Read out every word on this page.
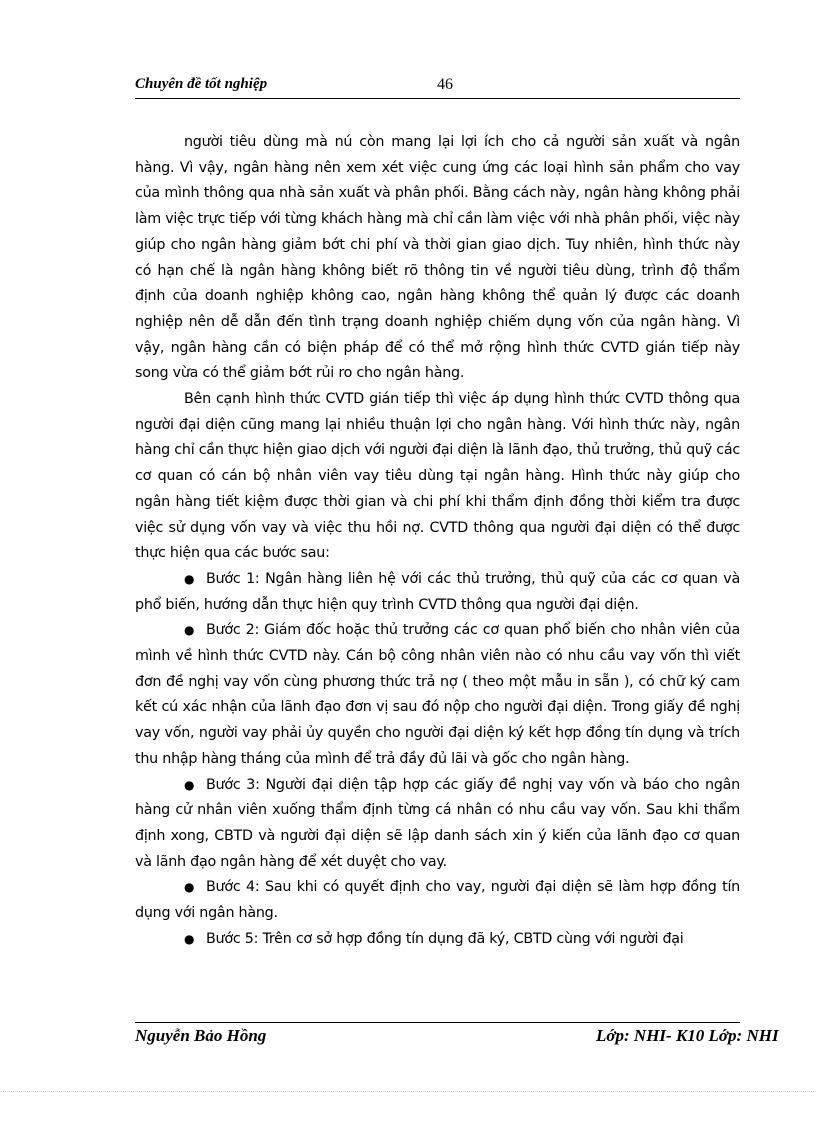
Chuyên đề tốt nghiệp	46

người tiêu dùng mà nú còn mang lại lợi ích cho cả người sản xuất và ngân hàng. Vì vậy, ngân hàng nên xem xét việc cung ứng các loại hình sản phẩm cho vay của mình thông qua nhà sản xuất và phân phối. Bằng cách này, ngân hàng không phải làm việc trực tiếp với từng khách hàng mà chỉ cần làm việc với nhà phân phối, việc này giúp cho ngân hàng giảm bớt chi phí và thời gian giao dịch. Tuy nhiên, hình thức này có hạn chế là ngân hàng không biết rõ thông tin về người tiêu dùng, trình độ thẩm định của doanh nghiệp không cao, ngân hàng không thể quản lý được các doanh nghiệp nên dễ dẫn đến tình trạng doanh nghiệp chiếm dụng vốn của ngân hàng. Vì vậy, ngân hàng cần có biện pháp để có thể mở rộng hình thức CVTD gián tiếp này song vừa có thể giảm bớt rủi ro cho ngân hàng.

Bên cạnh hình thức CVTD gián tiếp thì việc áp dụng hình thức CVTD thông qua người đại diện cũng mang lại nhiều thuận lợi cho ngân hàng. Với hình thức này, ngân hàng chỉ cần thực hiện giao dịch với người đại diện là lãnh đạo, thủ trưởng, thủ quỹ các cơ quan có cán bộ nhân viên vay tiêu dùng tại ngân hàng. Hình thức này giúp cho ngân hàng tiết kiệm được thời gian và chi phí khi thẩm định đồng thời kiểm tra được việc sử dụng vốn vay và việc thu hồi nợ. CVTD thông qua người đại diện có thể được thực hiện qua các bước sau:

● Bước 1: Ngân hàng liên hệ với các thủ trưởng, thủ quỹ của các cơ quan và phổ biến, hướng dẫn thực hiện quy trình CVTD thông qua người đại diện.

● Bước 2: Giám đốc hoặc thủ trưởng các cơ quan phổ biến cho nhân viên của mình về hình thức CVTD này. Cán bộ công nhân viên nào có nhu cầu vay vốn thì viết đơn đề nghị vay vốn cùng phương thức trả nợ ( theo một mẫu in sẵn ), có chữ ký cam kết cú xác nhận của lãnh đạo đơn vị sau đó nộp cho người đại diện. Trong giấy đề nghị vay vốn, người vay phải ủy quyền cho người đại diện ký kết hợp đồng tín dụng và trích thu nhập hàng tháng của mình để trả đầy đủ lãi và gốc cho ngân hàng.

● Bước 3: Người đại diện tập hợp các giấy đề nghị vay vốn và báo cho ngân hàng cử nhân viên xuống thẩm định từng cá nhân có nhu cầu vay vốn. Sau khi thẩm định xong, CBTD và người đại diện sẽ lập danh sách xin ý kiến của lãnh đạo cơ quan và lãnh đạo ngân hàng để xét duyệt cho vay.

● Bước 4: Sau khi có quyết định cho vay, người đại diện sẽ làm hợp đồng tín dụng với ngân hàng.

● Bước 5: Trên cơ sở hợp đồng tín dụng đã ký, CBTD cùng với người đại

Nguyễn Bảo Hồng	Lớp: NHI- K10 Lớp: NHI
